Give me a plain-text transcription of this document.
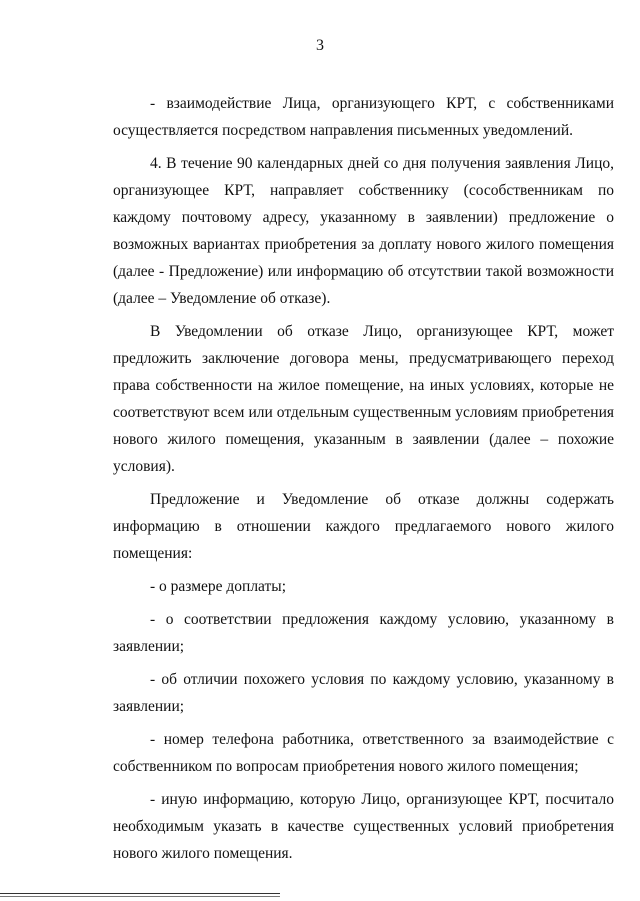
3

- взаимодействие Лица, организующего КРТ, с собственниками осуществляется посредством направления письменных уведомлений.

4. В течение 90 календарных дней со дня получения заявления Лицо, организующее КРТ, направляет собственнику (сособственникам по каждому почтовому адресу, указанному в заявлении) предложение о возможных вариантах приобретения за доплату нового жилого помещения (далее - Предложение) или информацию об отсутствии такой возможности (далее – Уведомление об отказе).

В Уведомлении об отказе Лицо, организующее КРТ, может предложить заключение договора мены, предусматривающего переход права собственности на жилое помещение, на иных условиях, которые не соответствуют всем или отдельным существенным условиям приобретения нового жилого помещения, указанным в заявлении (далее – похожие условия).

Предложение и Уведомление об отказе должны содержать информацию в отношении каждого предлагаемого нового жилого помещения:

- о размере доплаты;

- о соответствии предложения каждому условию, указанному в заявлении;

- об отличии похожего условия по каждому условию, указанному в заявлении;

- номер телефона работника, ответственного за взаимодействие с собственником по вопросам приобретения нового жилого помещения;

- иную информацию, которую Лицо, организующее КРТ, посчитало необходимым указать в качестве существенных условий приобретения нового жилого помещения.
